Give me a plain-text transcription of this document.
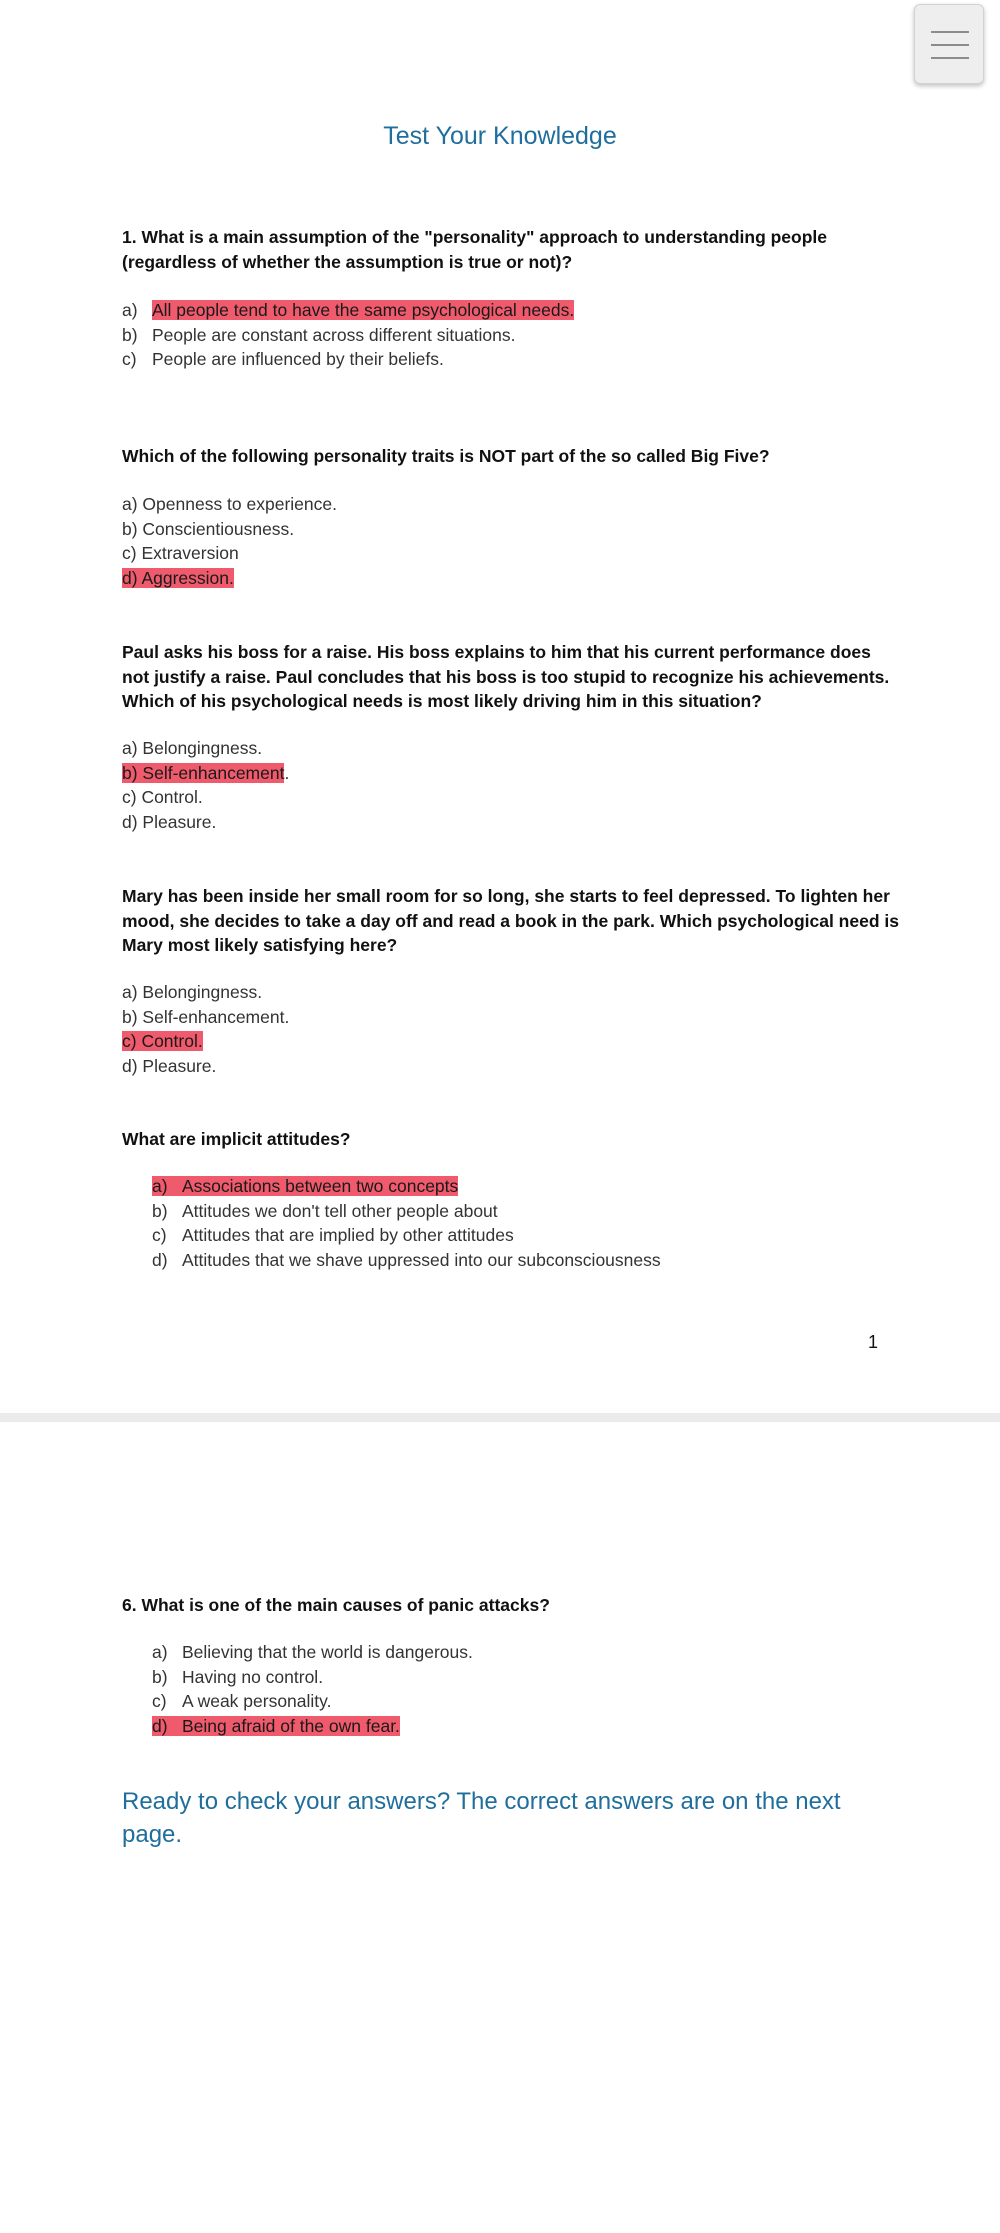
Test Your Knowledge

1. What is a main assumption of the "personality" approach to understanding people (regardless of whether the assumption is true or not)?

a) All people tend to have the same psychological needs.
b) People are constant across different situations.
c) People are influenced by their beliefs.

Which of the following personality traits is NOT part of the so called Big Five?

a) Openness to experience.
b) Conscientiousness.
c) Extraversion
d) Aggression.

Paul asks his boss for a raise. His boss explains to him that his current performance does not justify a raise. Paul concludes that his boss is too stupid to recognize his achievements. Which of his psychological needs is most likely driving him in this situation?

a) Belongingness.
b) Self-enhancement.
c) Control.
d) Pleasure.

Mary has been inside her small room for so long, she starts to feel depressed. To lighten her mood, she decides to take a day off and read a book in the park. Which psychological need is Mary most likely satisfying here?

a) Belongingness.
b) Self-enhancement.
c) Control.
d) Pleasure.

What are implicit attitudes?

a) Associations between two concepts
b) Attitudes we don't tell other people about
c) Attitudes that are implied by other attitudes
d) Attitudes that we shave uppressed into our subconsciousness
1

6. What is one of the main causes of panic attacks?

a) Believing that the world is dangerous.
b) Having no control.
c) A weak personality.
d) Being afraid of the own fear.

Ready to check your answers? The correct answers are on the next page.
